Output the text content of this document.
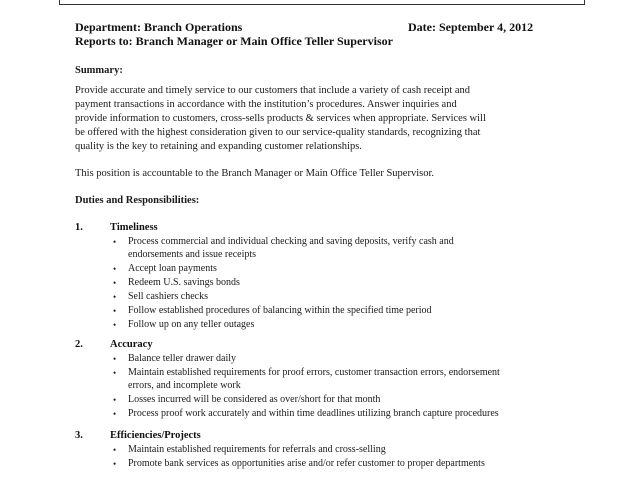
Department: Branch Operations	Date: September 4, 2012
Reports to: Branch Manager or Main Office Teller Supervisor
Summary:
Provide accurate and timely service to our customers that include a variety of cash receipt and
payment transactions in accordance with the institution’s procedures. Answer inquiries and
provide information to customers, cross-sells products & services when appropriate. Services will
be offered with the highest consideration given to our service-quality standards, recognizing that
quality is the key to retaining and expanding customer relationships.
This position is accountable to the Branch Manager or Main Office Teller Supervisor.
Duties and Responsibilities:
1.	Timeliness
• Process commercial and individual checking and saving deposits, verify cash and
endorsements and issue receipts
• Accept loan payments
• Redeem U.S. savings bonds
• Sell cashiers checks
• Follow established procedures of balancing within the specified time period
• Follow up on any teller outages
2.	Accuracy
• Balance teller drawer daily
• Maintain established requirements for proof errors, customer transaction errors, endorsement
errors, and incomplete work
• Losses incurred will be considered as over/short for that month
• Process proof work accurately and within time deadlines utilizing branch capture procedures
3.	Efficiencies/Projects
• Maintain established requirements for referrals and cross-selling
• Promote bank services as opportunities arise and/or refer customer to proper departments
